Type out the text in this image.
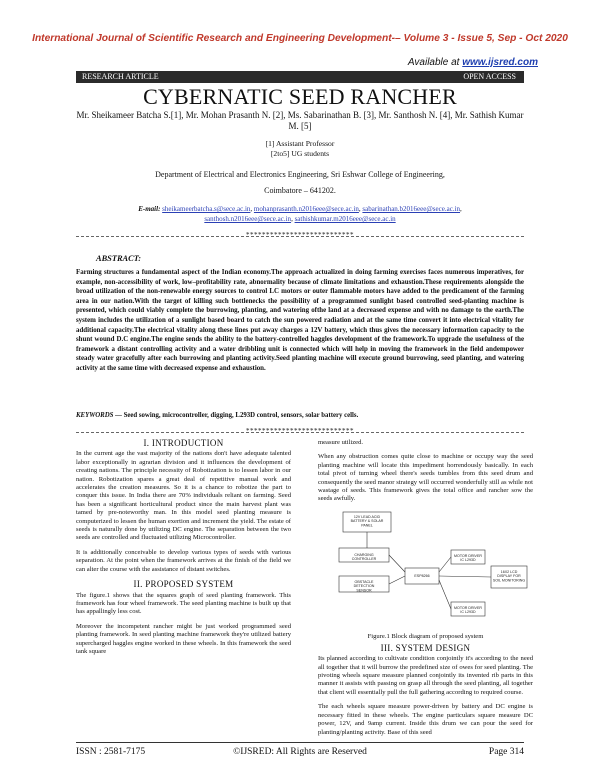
International Journal of Scientific Research and Engineering Development-– Volume 3 - Issue 5, Sep - Oct 2020
Available at www.ijsred.com
RESEARCH ARTICLE	OPEN ACCESS
CYBERNATIC SEED RANCHER
Mr. Sheikameer Batcha S.[1], Mr. Mohan Prasanth N. [2], Ms. Sabarinathan B. [3], Mr. Santhosh N. [4], Mr. Sathish Kumar M. [5]
[1] Assistant Professor
[2to5] UG students
Department of Electrical and Electronics Engineering, Sri Eshwar College of Engineering,
Coimbatore – 641202.
E-mail: sheikameerbatcha.s@sece.ac.in, mohanprasanth.n2016eee@sece.ac.in, sabarinathan.b2016eee@sece.ac.in, santhosh.n2016eee@sece.ac.in, sathishkumar.m2016eee@sece.ac.in
***************************
ABSTRACT:
Farming structures a fundamental aspect of the Indian economy.The approach actualized in doing farming exercises faces numerous imperatives, for example, non-accessibility of work, low–profitability rate, abnormality because of climate limitations and exhaustion.These requirements alongside the broad utilization of the non-renewable energy sources to control LC motors or outer flammable motors have added to the predicament of the farming area in our nation.With the target of killing such bottlenecks the possibility of a programmed sunlight based controlled seed-planting machine is presented, which could viably complete the burrowing, planting, and watering ofthe land at a decreased expense and with no damage to the earth.The system includes the utilization of a sunlight based board to catch the sun powered radiation and at the same time convert it into electrical vitality for additional capacity.The electrical vitality along these lines put away charges a 12V battery, which thus gives the necessary information capacity to the shunt wound D.C engine.The engine sends the ability to the battery-controlled haggles development of the framework.To upgrade the usefulness of the framework a distant controlling activity and a water dribbling unit is connected which will help in moving the framework in the field andempower steady water gracefully after each burrowing and planting activity.Seed planting machine will execute ground burrowing, seed planting, and watering activity at the same time with decreased expense and exhaustion.
KEYWORDS — Seed sowing, microcontroller, digging, L293D control, sensors, solar battery cells.
***************************
I. INTRODUCTION

In the current age the vast majority of the nations don't have adequate talented labor exceptionally in agrarian division and it influences the development of creating nations. The principle necessity of Robotization is to lessen labor in our nation. Robotization spares a great deal of repetitive manual work and accelerates the creation measures. So it is a chance to robotize the part to conquer this issue. In India there are 70% individuals reliant on farming. Seed has been a significant horticultural product since the main harvest plant was tamed by pre-noteworthy man. In this model seed planting measure is computerized to lessen the human exertion and increment the yield. The estate of seeds is naturally done by utilizing DC engine. The separation between the two seeds are controlled and fluctuated utilizing Microcontroller.

It is additionally conceivable to develop various types of seeds with various separation. At the point when the framework arrives at the finish of the field we can alter the course with the assistance of distant switches.

II. PROPOSED SYSTEM

The figure.1 shows that the squares graph of seed planting framework. This framework has four wheel framework. The seed planting machine is built up that has appallingly less cost.

Moreover the incompetent rancher might be just worked programmed seed planting framework. In seed planting machine framework they're utilized battery supercharged haggles engine worked in these wheels. In this framework the seed tank square

measure utilized.

When any obstruction comes quite close to machine or occupy way the seed planting machine will locate this impediment horrendously basically. In each total pivot of turning wheel there's seeds tumbles from this seed drum and consequently the seed manor strategy will occurred wonderfully still as while not wastage of seeds. This framework gives the total office and rancher sow the seeds awfully.

12V LEAD ACID BATTERY & SOLAR PANEL
CHARGING CONTROLLER
OBSTACLE DETECTION SENSOR
ESP8266
MOTOR DRIVER IC L293D
MOTOR DRIVER IC L293D
16X2 LCD DISPLAY FOR SOIL MONITORING
Figure.1 Block diagram of proposed system
III. SYSTEM DESIGN

Its planned according to cultivate condition conjointly it's according to the need all together that it will burrow the predefined size of owes for seed planting. The pivoting wheels square measure planned conjointly its invented rib parts in this manner it assists with passing on grasp all through the seed planting, all together that client will essentially pull the full gathering according to required course.

The each wheels square measure power-driven by battery and DC engine is necessary fitted in these wheels. The engine particulars square measure DC power, 12V, and 9amp current. Inside this drum we can pour the seed for planting/planting activity. Base of this seed

ISSN : 2581-7175	©IJSRED: All Rights are Reserved	Page 314
